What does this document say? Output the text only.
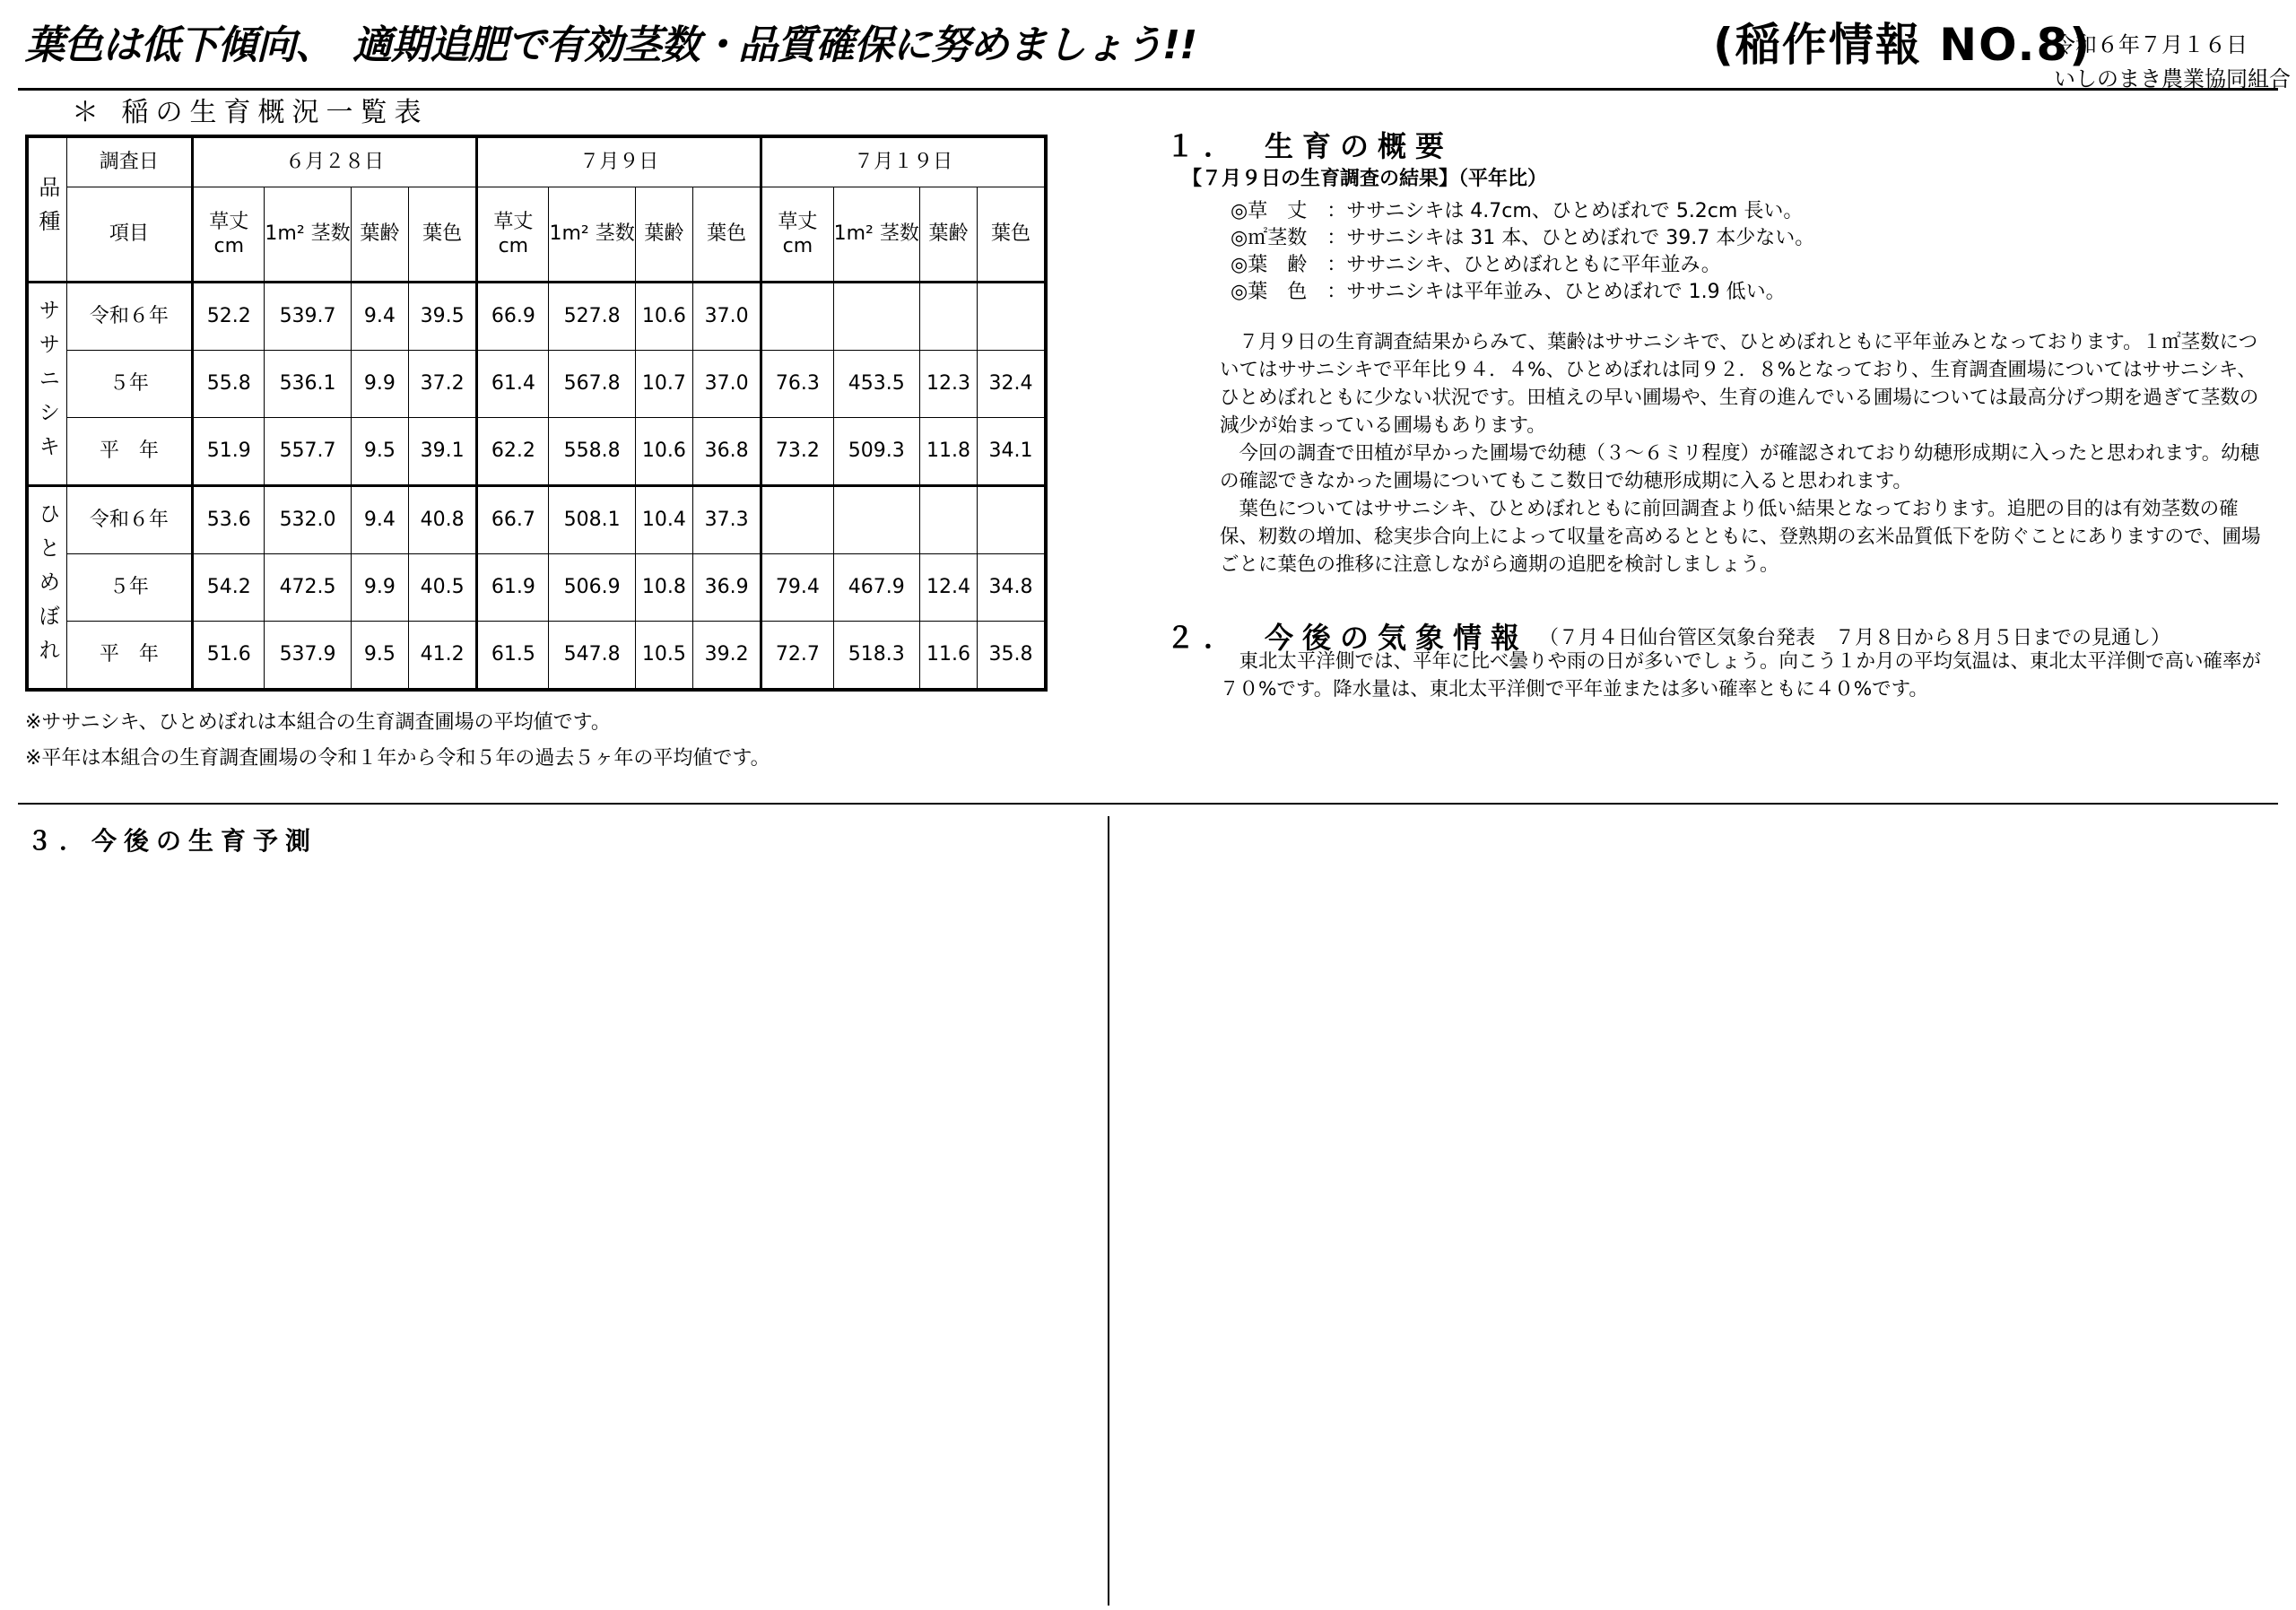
葉色は低下傾向、　適期追肥で有効茎数・品質確保に努めましょう!!	(稲作情報 NO.8)
令和６年７月１６日
いしのまき農業協同組合
＊ 稲の生育概況一覧表
品種	調査日	６月２８日				７月９日				７月１９日			
	項目	草丈 cm	1m² 茎数	葉齢	葉色	草丈 cm	1m² 茎数	葉齢	葉色	草丈 cm	1m² 茎数	葉齢	葉色
ササニシキ	令和６年	52.2	539.7	9.4	39.5	66.9	527.8	10.6	37.0				
	５年	55.8	536.1	9.9	37.2	61.4	567.8	10.7	37.0	76.3	453.5	12.3	32.4
	平　年	51.9	557.7	9.5	39.1	62.2	558.8	10.6	36.8	73.2	509.3	11.8	34.1
ひとめぼれ	令和６年	53.6	532.0	9.4	40.8	66.7	508.1	10.4	37.3				
	５年	54.2	472.5	9.9	40.5	61.9	506.9	10.8	36.9	79.4	467.9	12.4	34.8
	平　年	51.6	537.9	9.5	41.2	61.5	547.8	10.5	39.2	72.7	518.3	11.6	35.8
※ササニシキ、ひとめぼれは本組合の生育調査圃場の平均値です。
※平年は本組合の生育調査圃場の令和１年から令和５年の過去５ヶ年の平均値です。
１．　生育の概要
【７月９日の生育調査の結果】（平年比）
◎草　丈　：ササニシキは 4.7cm、ひとめぼれで 5.2cm 長い。
◎㎡茎数　：ササニシキは 31 本、ひとめぼれで 39.7 本少ない。
◎葉　齢　：ササニシキ、ひとめぼれともに平年並み。
◎葉　色　：ササニシキは平年並み、ひとめぼれで 1.9 低い。

　７月９日の生育調査結果からみて、葉齢はササニシキで、ひとめぼれともに平年並みとなっております。１㎡茎数についてはササニシキで平年比９４．４%、ひとめぼれは同９２．８%となっており、生育調査圃場についてはササニシキ、ひとめぼれともに少ない状況です。田植えの早い圃場や、生育の進んでいる圃場については最高分げつ期を過ぎて茎数の減少が始まっている圃場もあります。

　今回の調査で田植が早かった圃場で幼穂（３～６ミリ程度）が確認されており幼穂形成期に入ったと思われます。幼穂の確認できなかった圃場についてもここ数日で幼穂形成期に入ると思われます。

　葉色についてはササニシキ、ひとめぼれともに前回調査より低い結果となっております。追肥の目的は有効茎数の確保、籾数の増加、稔実歩合向上によって収量を高めるとともに、登熟期の玄米品質低下を防ぐことにありますので、圃場ごとに葉色の推移に注意しながら適期の追肥を検討しましょう。

２．　今後の気象情報 （７月４日仙台管区気象台発表　７月８日から８月５日までの見通し）

　東北太平洋側では、平年に比べ曇りや雨の日が多いでしょう。向こう１か月の平均気温は、東北太平洋側で高い確率が７０%です。降水量は、東北太平洋側で平年並または多い確率ともに４０%です。

３．今後の生育予測
